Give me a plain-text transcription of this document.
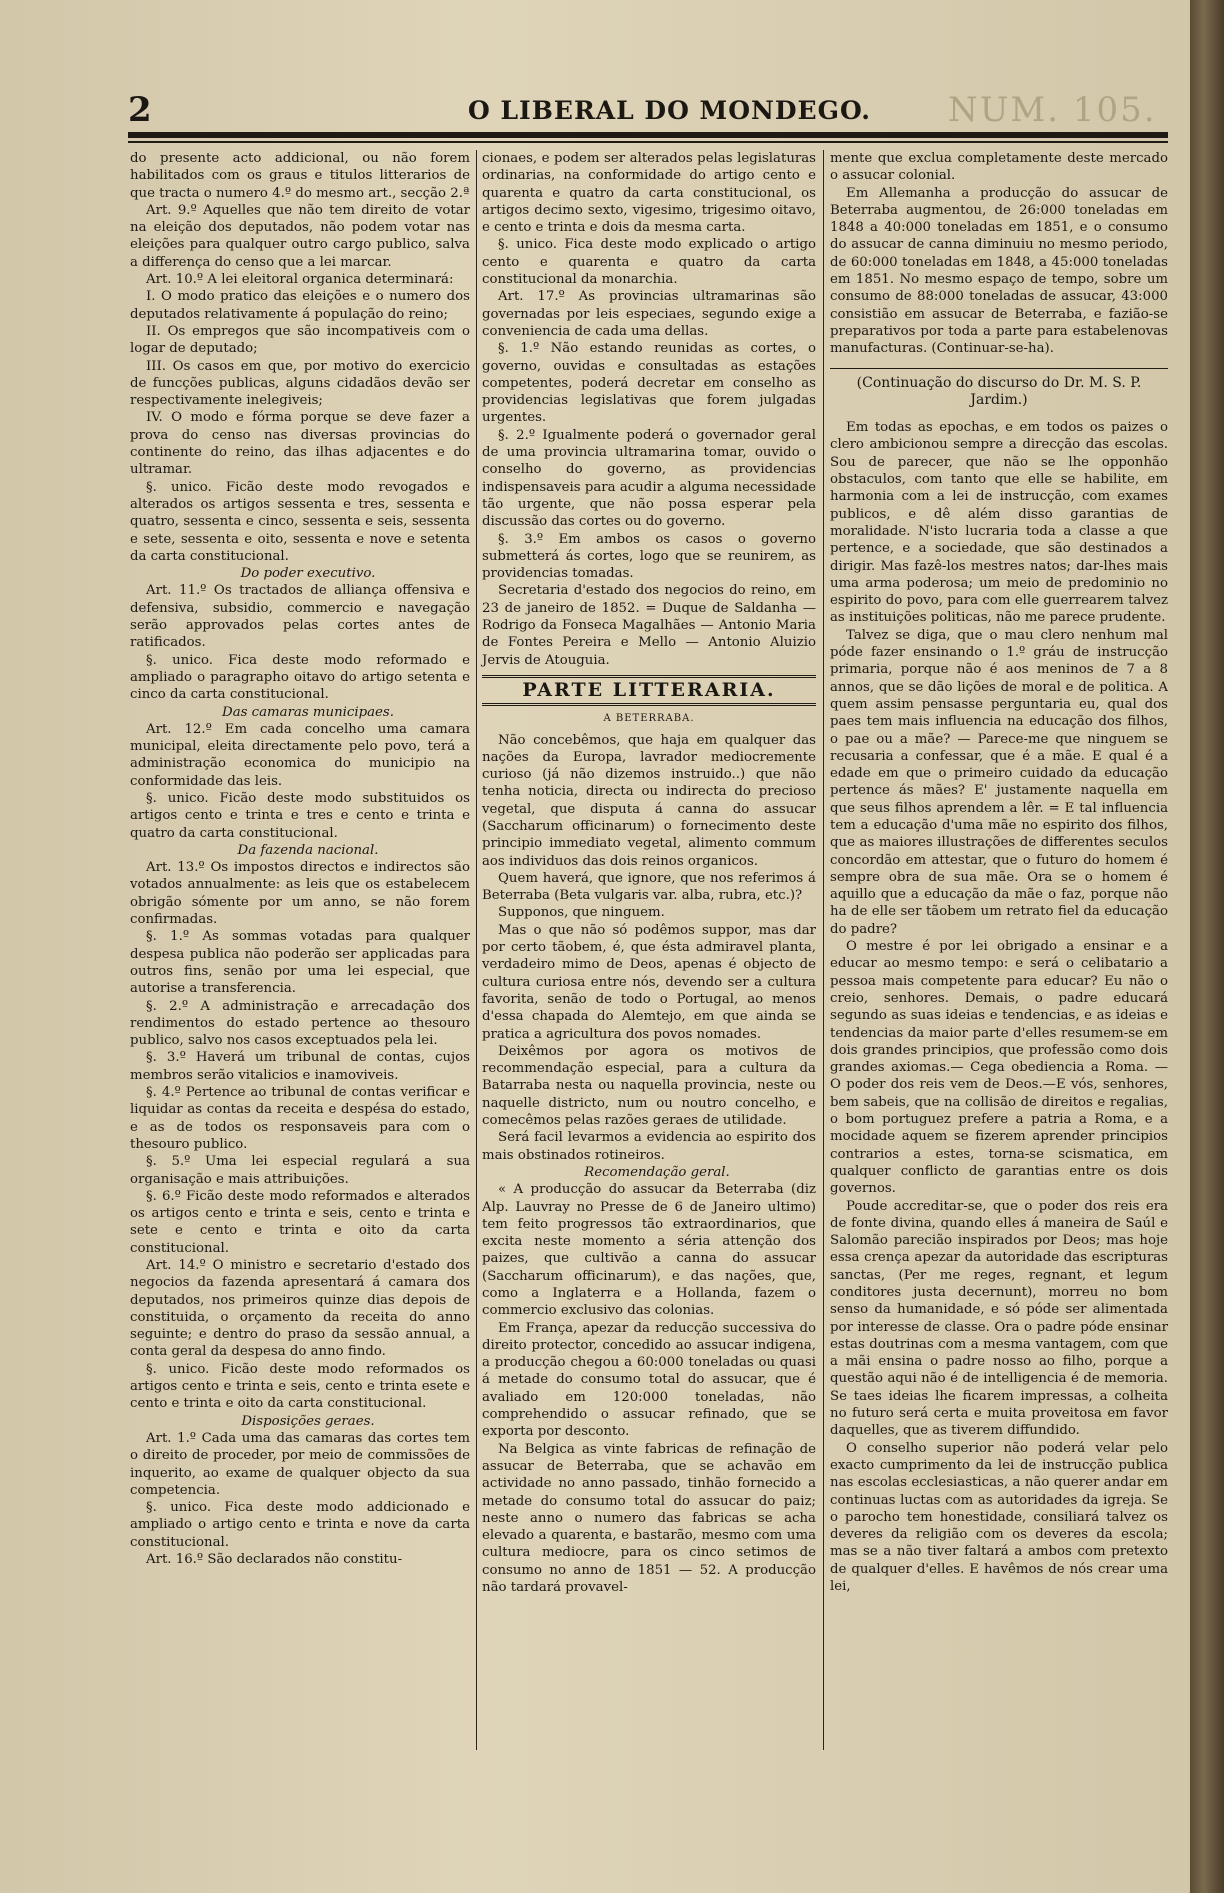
2	O LIBERAL DO MONDEGO. NUM. 105.

do presente acto addicional, ou não forem habilitados com os graus e titulos litterarios de que tracta o numero 4.º do mesmo art., secção 2.ª

Art. 9.º Aquelles que não tem direito de votar na eleição dos deputados, não podem votar nas eleições para qualquer outro cargo publico, salva a differença do censo que a lei marcar.

Art. 10.º A lei eleitoral organica determinará:

I. O modo pratico das eleições e o numero dos deputados relativamente á população do reino;

II. Os empregos que são incompativeis com o logar de deputado;

III. Os casos em que, por motivo do exercicio de funcções publicas, alguns cidadãos devão ser respectivamente inelegiveis;

IV. O modo e fórma porque se deve fazer a prova do censo nas diversas provincias do continente do reino, das ilhas adjacentes e do ultramar.

§. unico. Ficão deste modo revogados e alterados os artigos sessenta e tres, sessenta e quatro, sessenta e cinco, sessenta e seis, sessenta e sete, sessenta e oito, sessenta e nove e setenta da carta constitucional.

Do poder executivo.

Art. 11.º Os tractados de alliança offensiva e defensiva, subsidio, commercio e navegação serão approvados pelas cortes antes de ratificados.

§. unico. Fica deste modo reformado e ampliado o paragrapho oitavo do artigo setenta e cinco da carta constitucional.

Das camaras municipaes.

Art. 12.º Em cada concelho uma camara municipal, eleita directamente pelo povo, terá a administração economica do municipio na conformidade das leis.

§. unico. Ficão deste modo substituidos os artigos cento e trinta e tres e cento e trinta e quatro da carta constitucional.

Da fazenda nacional.

Art. 13.º Os impostos directos e indirectos são votados annualmente: as leis que os estabelecem obrigão sómente por um anno, se não forem confirmadas.

§. 1.º As sommas votadas para qualquer despesa publica não poderão ser applicadas para outros fins, senão por uma lei especial, que autorise a transferencia.

§. 2.º A administração e arrecadação dos rendimentos do estado pertence ao thesouro publico, salvo nos casos exceptuados pela lei.

§. 3.º Haverá um tribunal de contas, cujos membros serão vitalicios e inamoviveis.

§. 4.º Pertence ao tribunal de contas verificar e liquidar as contas da receita e despésa do estado, e as de todos os responsaveis para com o thesouro publico.

§. 5.º Uma lei especial regulará a sua organisação e mais attribuições.

§. 6.º Ficão deste modo reformados e alterados os artigos cento e trinta e seis, cento e trinta e sete e cento e trinta e oito da carta constitucional.

Art. 14.º O ministro e secretario d'estado dos negocios da fazenda apresentará á camara dos deputados, nos primeiros quinze dias depois de constituida, o orçamento da receita do anno seguinte; e dentro do praso da sessão annual, a conta geral da despesa do anno findo.

§. unico. Ficão deste modo reformados os artigos cento e trinta e seis, cento e trinta esete e cento e trinta e oito da carta constitucional.

Disposições geraes.

Art. 1.º Cada uma das camaras das cortes tem o direito de proceder, por meio de commissões de inquerito, ao exame de qualquer objecto da sua competencia.

§. unico. Fica deste modo addicionado e ampliado o artigo cento e trinta e nove da carta constitucional.

Art. 16.º São declarados não constitu-

cionaes, e podem ser alterados pelas legislaturas ordinarias, na conformidade do artigo cento e quarenta e quatro da carta constitucional, os artigos decimo sexto, vigesimo, trigesimo oitavo, e cento e trinta e dois da mesma carta.

§. unico. Fica deste modo explicado o artigo cento e quarenta e quatro da carta constitucional da monarchia.

Art. 17.º As provincias ultramarinas são governadas por leis especiaes, segundo exige a conveniencia de cada uma dellas.

§. 1.º Não estando reunidas as cortes, o governo, ouvidas e consultadas as estações competentes, poderá decretar em conselho as providencias legislativas que forem julgadas urgentes.

§. 2.º Igualmente poderá o governador geral de uma provincia ultramarina tomar, ouvido o conselho do governo, as providencias indispensaveis para acudir a alguma necessidade tão urgente, que não possa esperar pela discussão das cortes ou do governo.

§. 3.º Em ambos os casos o governo submetterá ás cortes, logo que se reunirem, as providencias tomadas.

Secretaria d'estado dos negocios do reino, em 23 de janeiro de 1852. = Duque de Saldanha — Rodrigo da Fonseca Magalhães — Antonio Maria de Fontes Pereira e Mello — Antonio Aluizio Jervis de Atouguia.

PARTE LITTERARIA.
A BETERRABA.

Não concebêmos, que haja em qualquer das nações da Europa, lavrador mediocremente curioso (já não dizemos instruido..) que não tenha noticia, directa ou indirecta do precioso vegetal, que disputa á canna do assucar (Saccharum officinarum) o fornecimento deste principio immediato vegetal, alimento commum aos individuos das dois reinos organicos.

Quem haverá, que ignore, que nos referimos á Beterraba (Beta vulgaris var. alba, rubra, etc.)?

Supponos, que ninguem.

Mas o que não só podêmos suppor, mas dar por certo tãobem, é, que ésta admiravel planta, verdadeiro mimo de Deos, apenas é objecto de cultura curiosa entre nós, devendo ser a cultura favorita, senão de todo o Portugal, ao menos d'essa chapada do Alemtejo, em que ainda se pratica a agricultura dos povos nomades.

Deixêmos por agora os motivos de recommendação especial, para a cultura da Batarraba nesta ou naquella provincia, neste ou naquelle districto, num ou noutro concelho, e comecêmos pelas razões geraes de utilidade.

Será facil levarmos a evidencia ao espirito dos mais obstinados rotineiros.

Recomendação geral.

« A producção do assucar da Beterraba (diz Alp. Lauvray no Presse de 6 de Janeiro ultimo) tem feito progressos tão extraordinarios, que excita neste momento a séria attenção dos paizes, que cultivão a canna do assucar (Saccharum officinarum), e das nações, que, como a Inglaterra e a Hollanda, fazem o commercio exclusivo das colonias.

Em França, apezar da reducção successiva do direito protector, concedido ao assucar indigena, a producção chegou a 60:000 toneladas ou quasi á metade do consumo total do assucar, que é avaliado em 120:000 toneladas, não comprehendido o assucar refinado, que se exporta por desconto.

Na Belgica as vinte fabricas de refinação de assucar de Beterraba, que se achavão em actividade no anno passado, tinhão fornecido a metade do consumo total do assucar do paiz; neste anno o numero das fabricas se acha elevado a quarenta, e bastarão, mesmo com uma cultura mediocre, para os cinco setimos de consumo no anno de 1851 — 52. A producção não tardará provavel-

mente que exclua completamente deste mercado o assucar colonial.

Em Allemanha a producção do assucar de Beterraba augmentou, de 26:000 toneladas em 1848 a 40:000 toneladas em 1851, e o consumo do assucar de canna diminuiu no mesmo periodo, de 60:000 toneladas em 1848, a 45:000 toneladas em 1851. No mesmo espaço de tempo, sobre um consumo de 88:000 toneladas de assucar, 43:000 consistião em assucar de Beterraba, e fazião-se preparativos por toda a parte para estabelenovas manufacturas. (Continuar-se-ha).

(Continuação do discurso do Dr. M. S. P. Jardim.)

Em todas as epochas, e em todos os paizes o clero ambicionou sempre a direcção das escolas. Sou de parecer, que não se lhe opponhão obstaculos, com tanto que elle se habilite, em harmonia com a lei de instrucção, com exames publicos, e dê além disso garantias de moralidade. N'isto lucraria toda a classe a que pertence, e a sociedade, que são destinados a dirigir. Mas fazê-los mestres natos; dar-lhes mais uma arma poderosa; um meio de predominio no espirito do povo, para com elle guerrearem talvez as instituições politicas, não me parece prudente.

Talvez se diga, que o mau clero nenhum mal póde fazer ensinando o 1.º gráu de instrucção primaria, porque não é aos meninos de 7 a 8 annos, que se dão lições de moral e de politica. A quem assim pensasse perguntaria eu, qual dos paes tem mais influencia na educação dos filhos, o pae ou a mãe? — Parece-me que ninguem se recusaria a confessar, que é a mãe. E qual é a edade em que o primeiro cuidado da educação pertence ás mães? E' justamente naquella em que seus filhos aprendem a lêr. = E tal influencia tem a educação d'uma mãe no espirito dos filhos, que as maiores illustrações de differentes seculos concordão em attestar, que o futuro do homem é sempre obra de sua mãe. Ora se o homem é aquillo que a educação da mãe o faz, porque não ha de elle ser tãobem um retrato fiel da educação do padre?

O mestre é por lei obrigado a ensinar e a educar ao mesmo tempo: e será o celibatario a pessoa mais competente para educar? Eu não o creio, senhores. Demais, o padre educará segundo as suas ideias e tendencias, e as ideias e tendencias da maior parte d'elles resumem-se em dois grandes principios, que professão como dois grandes axiomas.— Cega obediencia a Roma. — O poder dos reis vem de Deos.—E vós, senhores, bem sabeis, que na collisão de direitos e regalias, o bom portuguez prefere a patria a Roma, e a mocidade aquem se fizerem aprender principios contrarios a estes, torna-se scismatica, em qualquer conflicto de garantias entre os dois governos.

Poude accreditar-se, que o poder dos reis era de fonte divina, quando elles á maneira de Saúl e Salomão parecião inspirados por Deos; mas hoje essa crença apezar da autoridade das escripturas sanctas, (Per me reges, regnant, et legum conditores justa decernunt), morreu no bom senso da humanidade, e só póde ser alimentada por interesse de classe. Ora o padre póde ensinar estas doutrinas com a mesma vantagem, com que a mãi ensina o padre nosso ao filho, porque a questão aqui não é de intelligencia é de memoria. Se taes ideias lhe ficarem impressas, a colheita no futuro será certa e muita proveitosa em favor daquelles, que as tiverem diffundido.

O conselho superior não poderá velar pelo exacto cumprimento da lei de instrucção publica nas escolas ecclesiasticas, a não querer andar em continuas luctas com as autoridades da igreja. Se o parocho tem honestidade, consiliará talvez os deveres da religião com os deveres da escola; mas se a não tiver faltará a ambos com pretexto de qualquer d'elles. E havêmos de nós crear uma lei,
